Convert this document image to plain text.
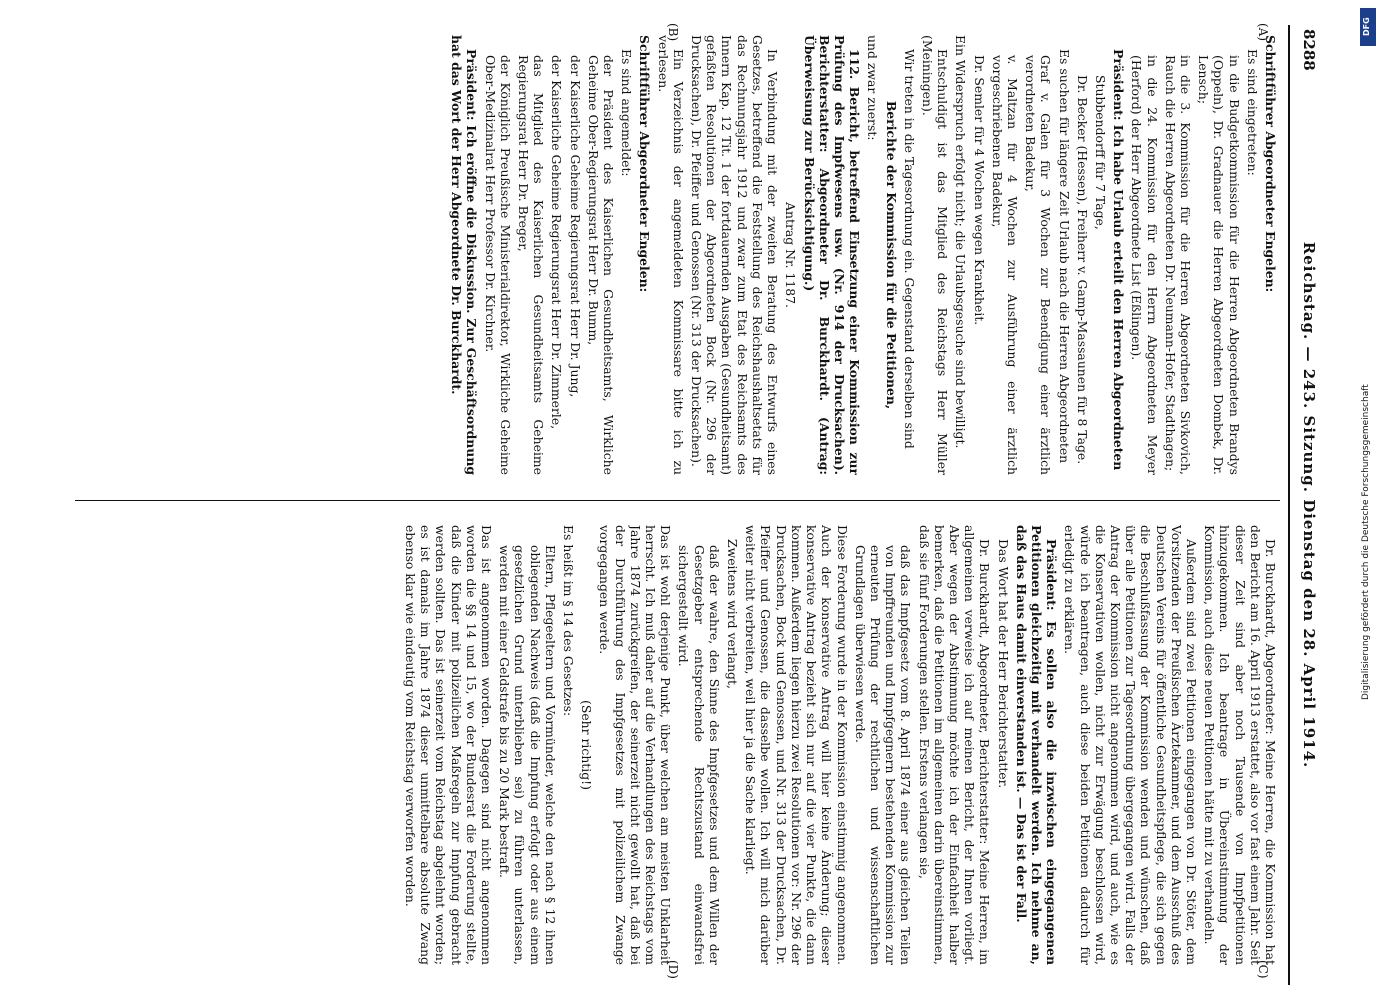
8288
Reichstag. — 243. Sitzung. Dienstag den 28. April 1914.
(A)
(B)
(C)
(D)

Schriftführer Abgeordneter Engelen:

Es sind eingetreten:

in die Budgetkommission für die Herren Abgeordneten Brandys (Oppeln), Dr. Gradnauer die Herren Abgeordneten Dombek, Dr. Lensch;

in die 3. Kommission für die Herren Abgeordneten Sivkovich, Rauch die Herren Abgeordneten Dr. Neumann-Hofer, Stadthagen;

in die 24. Kommission für den Herrn Abgeordneten Meyer (Herford) der Herr Abgeordnete List (Eßlingen).

Präsident: Ich habe Urlaub erteilt den Herren Abgeordneten

Stubbendorff für 7 Tage,

Dr. Becker (Hessen), Freiherr v. Gamp-Massaunen für 8 Tage.

Es suchen für längere Zeit Urlaub nach die Herren Abgeordneten

Graf v. Galen für 3 Wochen zur Beendigung einer ärztlich verordneten Badekur,

v. Maltzan für 4 Wochen zur Ausführung einer ärztlich vorgeschriebenen Badekur,

Dr. Semler für 4 Wochen wegen Krankheit.

Ein Widerspruch erfolgt nicht; die Urlaubsgesuche sind bewilligt.

Entschuldigt ist das Mitglied des Reichstags Herr Müller (Meiningen).

Wir treten in die Tagesordnung ein. Gegenstand derselben sind

Berichte der Kommission für die Petitionen,

und zwar zuerst:

112. Bericht, betreffend Einsetzung einer Kommission zur Prüfung des Impfwesens usw. (Nr. 914 der Drucksachen). Berichterstatter: Abgeordneter Dr. Burckhardt. (Antrag: Überweisung zur Berücksichtigung.)

Antrag Nr. 1187.

In Verbindung mit der zweiten Beratung des Entwurfs eines Gesetzes, betreffend die Feststellung des Reichshaushaltsetats für das Rechnungsjahr 1912 und zwar zum Etat des Reichsamts des Innern Kap. 12 Tit. 1 der fortdauernden Ausgaben (Gesundheitsamt) gefaßten Resolutionen der Abgeordneten Bock (Nr. 296 der Drucksachen), Dr. Pfeiffer und Genossen (Nr. 313 der Drucksachen).

Ein Verzeichnis der angemeldeten Kommissare bitte ich zu verlesen.

Schriftführer Abgeordneter Engelen:

Es sind angemeldet:

der Präsident des Kaiserlichen Gesundheitsamts, Wirkliche Geheime Ober-Regierungsrat Herr Dr. Bumm,

der Kaiserliche Geheime Regierungsrat Herr Dr. Jung,

der Kaiserliche Geheime Regierungsrat Herr Dr. Zimmerle,

das Mitglied des Kaiserlichen Gesundheitsamts Geheime Regierungsrat Herr Dr. Breger,

der Königlich Preußische Ministerialdirektor, Wirkliche Geheime Ober-Medizinalrat Herr Professor Dr. Kirchner.

Präsident: Ich eröffne die Diskussion. Zur Geschäftsordnung hat das Wort der Herr Abgeordnete Dr. Burckhardt.

Dr. Burckhardt, Abgeordneter: Meine Herren, die Kommission hat den Bericht am 16. April 1913 erstattet, also vor fast einem Jahr. Seit dieser Zeit sind aber noch Tausende von Impfpetitionen hinzugekommen. Ich beantrage in Übereinstimmung der Kommission, auch diese neuen Petitionen hätte mit zu verhandeln.

Außerdem sind zwei Petitionen eingegangen von Dr. Stöter, dem Vorsitzenden der Preußischen Ärztekammer, und dem Ausschuß des Deutschen Vereins für öffentliche Gesundheitspflege, die sich gegen die Beschlußfassung der Kommission wenden und wünschen, daß über alle Petitionen zur Tagesordnung übergegangen wird. Falls der Antrag der Kommission nicht angenommen wird, und auch, wie es die Konservativen wollen, nicht zur Erwägung beschlossen wird, würde ich beantragen, auch diese beiden Petitionen dadurch für erledigt zu erklären.

Präsident: Es sollen also die inzwischen eingegangenen Petitionen gleichzeitig mit verhandelt werden. Ich nehme an, daß das Haus damit einverstanden ist. — Das ist der Fall.

Das Wort hat der Herr Berichterstatter.

Dr. Burckhardt, Abgeordneter, Berichterstatter: Meine Herren, im allgemeinen verweise ich auf meinen Bericht, der Ihnen vorliegt. Aber wegen der Abstimmung möchte ich der Einfachheit halber bemerken, daß die Petitionen im allgemeinen darin übereinstimmen, daß sie fünf Forderungen stellen. Erstens verlangen sie,

daß das Impfgesetz vom 8. April 1874 einer aus gleichen Teilen von Impffreunden und Impfgegnern bestehenden Kommission zur erneuten Prüfung der rechtlichen und wissenschaftlichen Grundlagen überwiesen werde.

Diese Forderung wurde in der Kommission einstimmig angenommen. Auch der konservative Antrag will hier keine Änderung; dieser konservative Antrag bezieht sich nur auf die vier Punkte, die dann kommen. Außerdem liegen hierzu zwei Resolutionen vor: Nr. 296 der Drucksachen, Bock und Genossen, und Nr. 313 der Drucksachen, Dr. Pfeiffer und Genossen, die dasselbe wollen. Ich will mich darüber weiter nicht verbreiten, weil hier ja die Sache klarliegt.

Zweitens wird verlangt,

daß der wahre, den Sinne des Impfgesetzes und dem Willen der Gesetzgeber entsprechende Rechtszustand einwandsfrei sichergestellt wird.

Das ist wohl derjenige Punkt, über welchen am meisten Unklarheit herrscht. Ich muß daher auf die Verhandlungen des Reichstags vom Jahre 1874 zurückgreifen, der seinerzeit nicht gewollt hat, daß bei der Durchführung des Impfgesetzes mit polizeilichem Zwange vorgegangen werde.

(Sehr richtig!)

Es heißt im § 14 des Gesetzes:

Eltern, Pflegeeltern und Vormünder, welche den nach § 12 ihnen obliegenden Nachweis (daß die Impfung erfolgt oder aus einem gesetzlichen Grund unterblieben sei) zu führen unterlassen, werden mit einer Geldstrafe bis zu 20 Mark bestraft.

Das ist angenommen worden. Dagegen sind nicht angenommen worden die §§ 14 und 15, wo der Bundesrat die Forderung stellte, daß die Kinder mit polizeilichen Maßregeln zur Impfung gebracht werden sollten. Das ist seinerzeit vom Reichstag abgelehnt worden; es ist damals im Jahre 1874 dieser unmittelbare absolute Zwang ebenso klar wie eindeutig vom Reichstag verworfen worden.

DFG
Digitalisierung gefördert durch die Deutsche Forschungsgemeinschaft
